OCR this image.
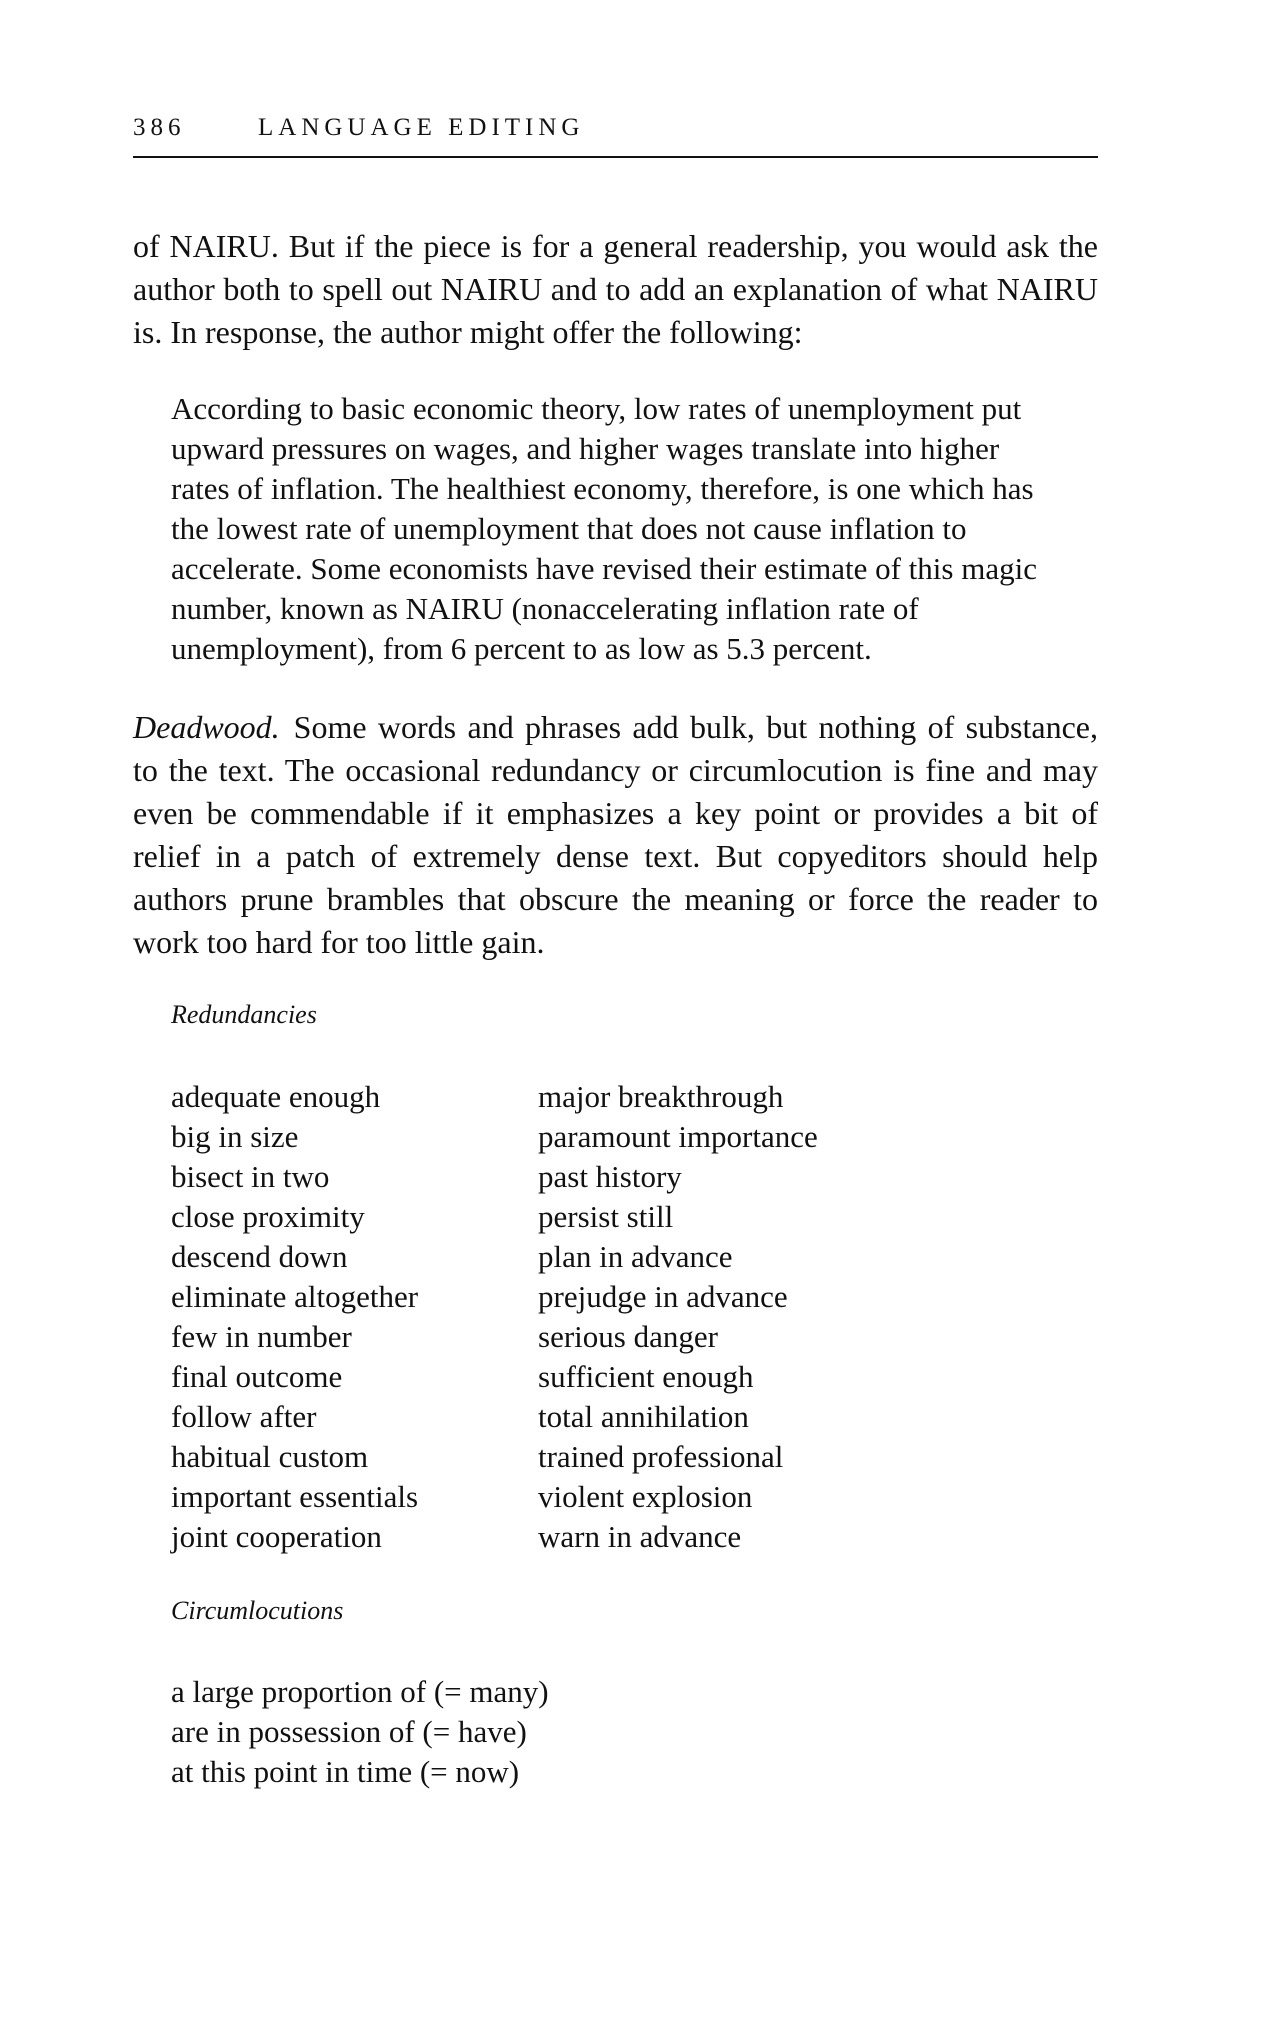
386	LANGUAGE EDITING

of NAIRU. But if the piece is for a general readership, you would ask the author both to spell out NAIRU and to add an explanation of what NAIRU is. In response, the author might offer the following:

According to basic economic theory, low rates of unemployment put upward pressures on wages, and higher wages translate into higher rates of inflation. The healthiest economy, therefore, is one which has the lowest rate of unemployment that does not cause inflation to accelerate. Some economists have revised their estimate of this magic number, known as NAIRU (nonaccelerating inflation rate of unemployment), from 6 percent to as low as 5.3 percent.

Deadwood. Some words and phrases add bulk, but nothing of substance, to the text. The occasional redundancy or circumlocution is fine and may even be commendable if it emphasizes a key point or provides a bit of relief in a patch of extremely dense text. But copyeditors should help authors prune brambles that obscure the meaning or force the reader to work too hard for too little gain.

Redundancies
adequate enough
big in size
bisect in two
close proximity
descend down
eliminate altogether
few in number
final outcome
follow after
habitual custom
important essentials
joint cooperation
major breakthrough
paramount importance
past history
persist still
plan in advance
prejudge in advance
serious danger
sufficient enough
total annihilation
trained professional
violent explosion
warn in advance
Circumlocutions
a large proportion of (= many)
are in possession of (= have)
at this point in time (= now)
